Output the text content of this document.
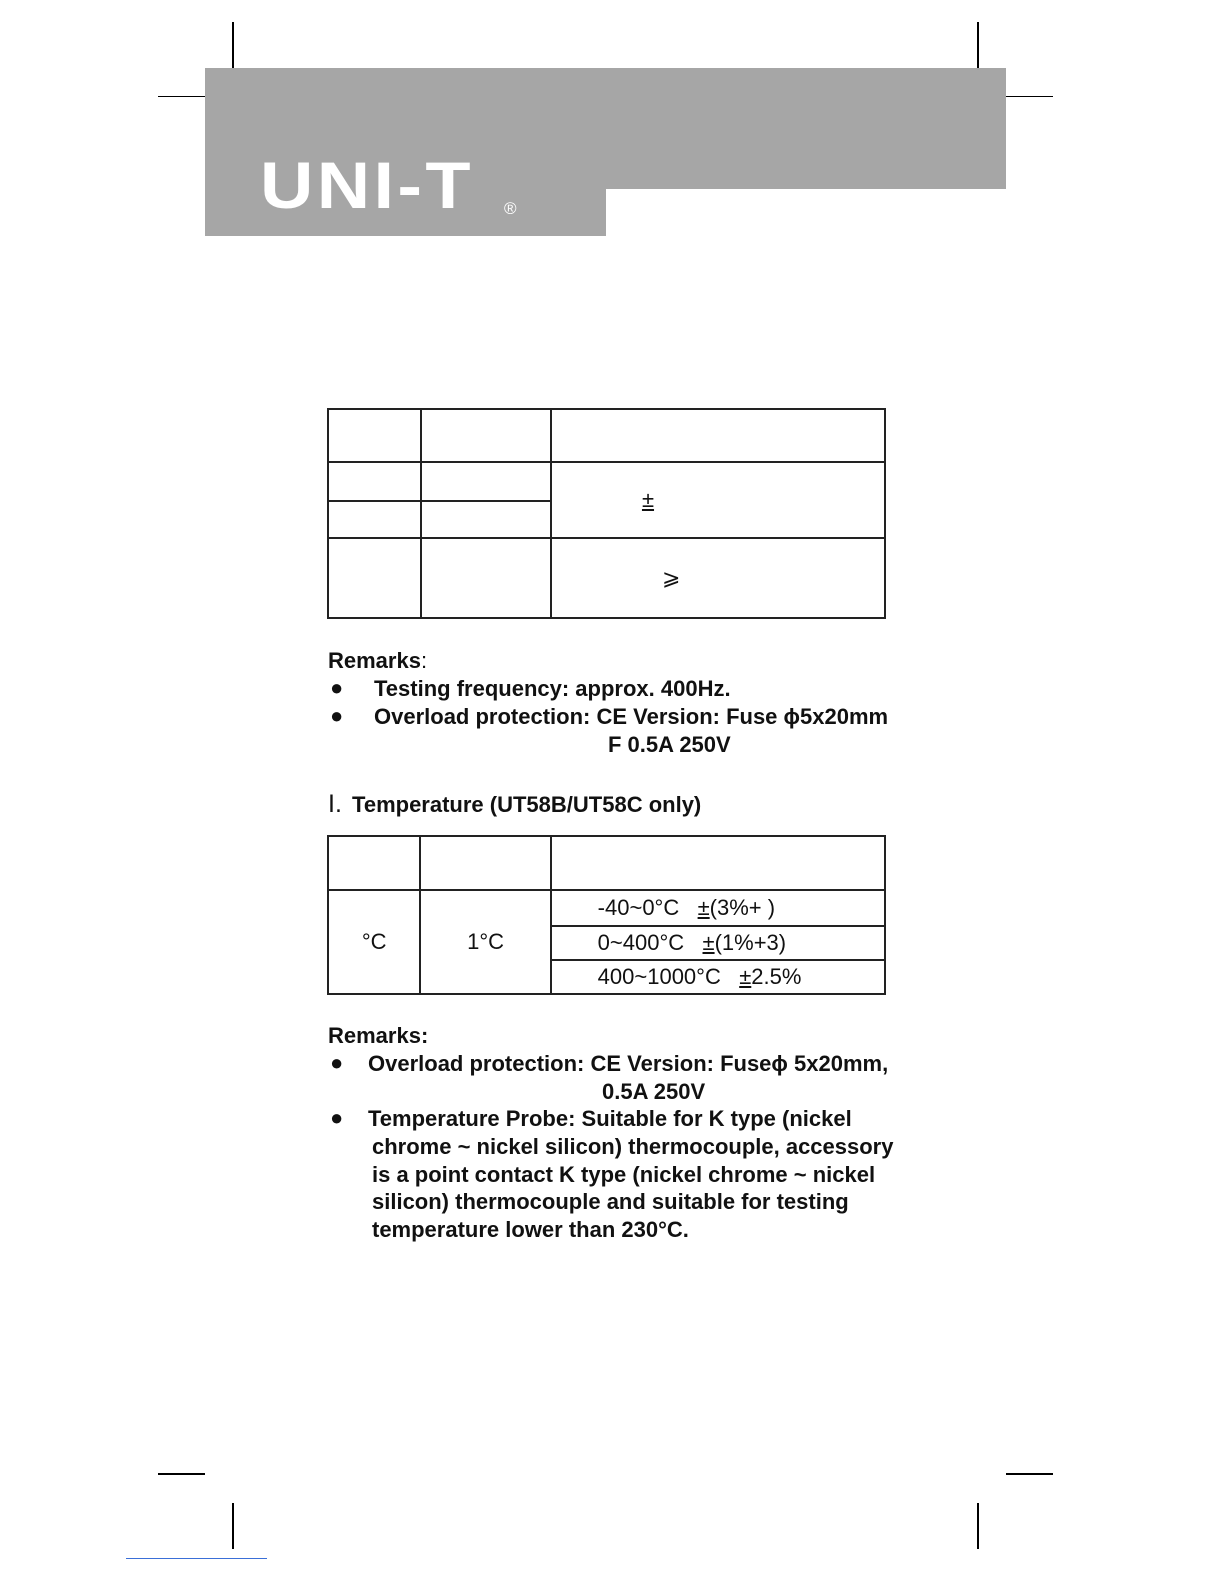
UNI-T ®

		±

		⩾
Remarks:
● Testing frequency: approx. 400Hz.
● Overload protection: CE Version: Fuse ϕ5x20mm
F 0.5A 250V
I. Temperature (UT58B/UT58C only)

°C	1°C	-40~0°C ±(3%+ )
		0~400°C ±(1%+3)
		400~1000°C ±2.5%
Remarks:
● Overload protection: CE Version: Fuseϕ 5x20mm,
0.5A 250V
● Temperature Probe: Suitable for K type (nickel
chrome ~ nickel silicon) thermocouple, accessory
is a point contact K type (nickel chrome ~ nickel
silicon) thermocouple and suitable for testing
temperature lower than 230°C.
